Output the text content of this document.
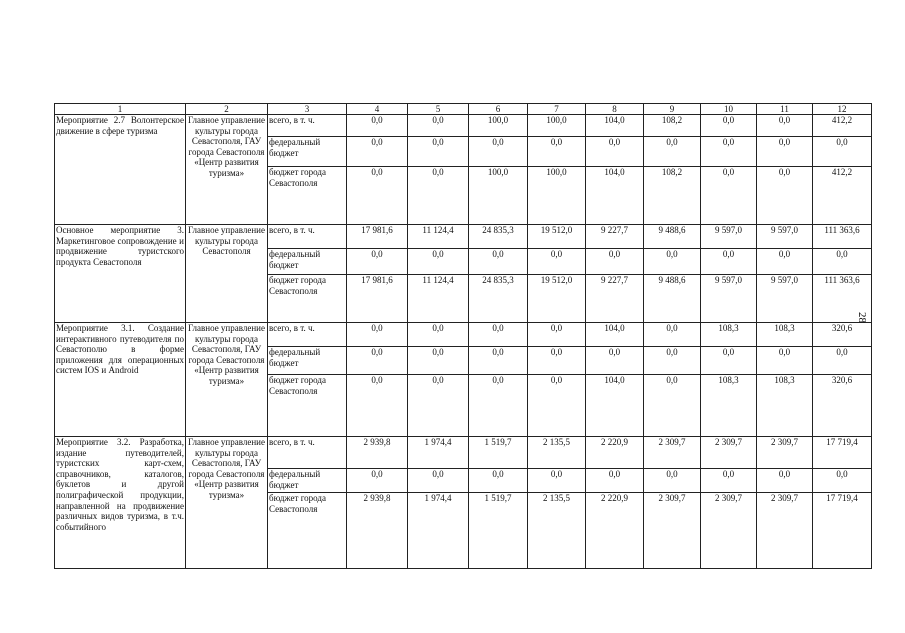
1	2	3	4	5	6	7	8	9	10	11	12
Мероприятие 2.7 Волонтерское движение в сфере туризма	Главное управление культуры города Севастополя, ГАУ города Севастополя «Центр развития туризма»	всего, в т. ч.	0,0	0,0	100,0	100,0	104,0	108,2	0,0	0,0	412,2
		федеральный бюджет	0,0	0,0	0,0	0,0	0,0	0,0	0,0	0,0	0,0
		бюджет города Севастополя	0,0	0,0	100,0	100,0	104,0	108,2	0,0	0,0	412,2
Основное мероприятие 3. Маркетинговое сопровождение и продвижение туристского продукта Севастополя	Главное управление культуры города Севастополя	всего, в т. ч.	17 981,6	11 124,4	24 835,3	19 512,0	9 227,7	9 488,6	9 597,0	9 597,0	111 363,6
		федеральный бюджет	0,0	0,0	0,0	0,0	0,0	0,0	0,0	0,0	0,0
		бюджет города Севастополя	17 981,6	11 124,4	24 835,3	19 512,0	9 227,7	9 488,6	9 597,0	9 597,0	111 363,6
Мероприятие 3.1. Создание интерактивного путеводителя по Севастополю в форме приложения для операционных систем IOS и Android	Главное управление культуры города Севастополя, ГАУ города Севастополя «Центр развития туризма»	всего, в т. ч.	0,0	0,0	0,0	0,0	104,0	0,0	108,3	108,3	320,6
		федеральный бюджет	0,0	0,0	0,0	0,0	0,0	0,0	0,0	0,0	0,0
		бюджет города Севастополя	0,0	0,0	0,0	0,0	104,0	0,0	108,3	108,3	320,6
Мероприятие 3.2. Разработка, издание путеводителей, туристских карт-схем, справочников, каталогов, буклетов и другой полиграфической продукции, направленной на продвижение различных видов туризма, в т.ч. событийного	Главное управление культуры города Севастополя, ГАУ города Севастополя «Центр развития туризма»	всего, в т. ч.	2 939,8	1 974,4	1 519,7	2 135,5	2 220,9	2 309,7	2 309,7	2 309,7	17 719,4
		федеральный бюджет	0,0	0,0	0,0	0,0	0,0	0,0	0,0	0,0	0,0
		бюджет города Севастополя	2 939,8	1 974,4	1 519,7	2 135,5	2 220,9	2 309,7	2 309,7	2 309,7	17 719,4
28
